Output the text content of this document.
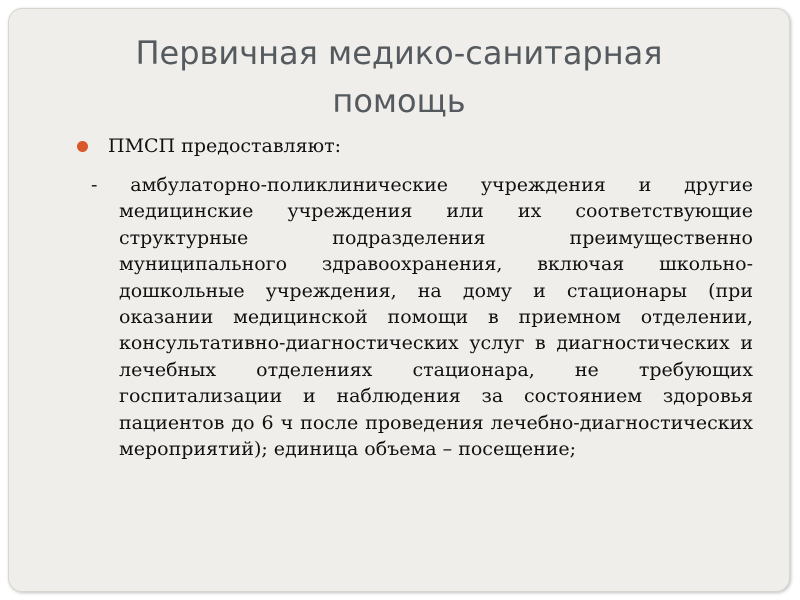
Первичная медико-санитарная помощь
ПМСП предоставляют:

- амбулаторно-поликлинические учреждения и другие медицинские учреждения или их соответствующие структурные подразделения преимущественно муниципального здравоохранения, включая школьно-дошкольные учреждения, на дому и стационары (при оказании медицинской помощи в приемном отделении, консультативно-диагностических услуг в диагностических и лечебных отделениях стационара, не требующих госпитализации и наблюдения за состоянием здоровья пациентов до 6 ч после проведения лечебно-диагностических мероприятий); единица объема – посещение;
